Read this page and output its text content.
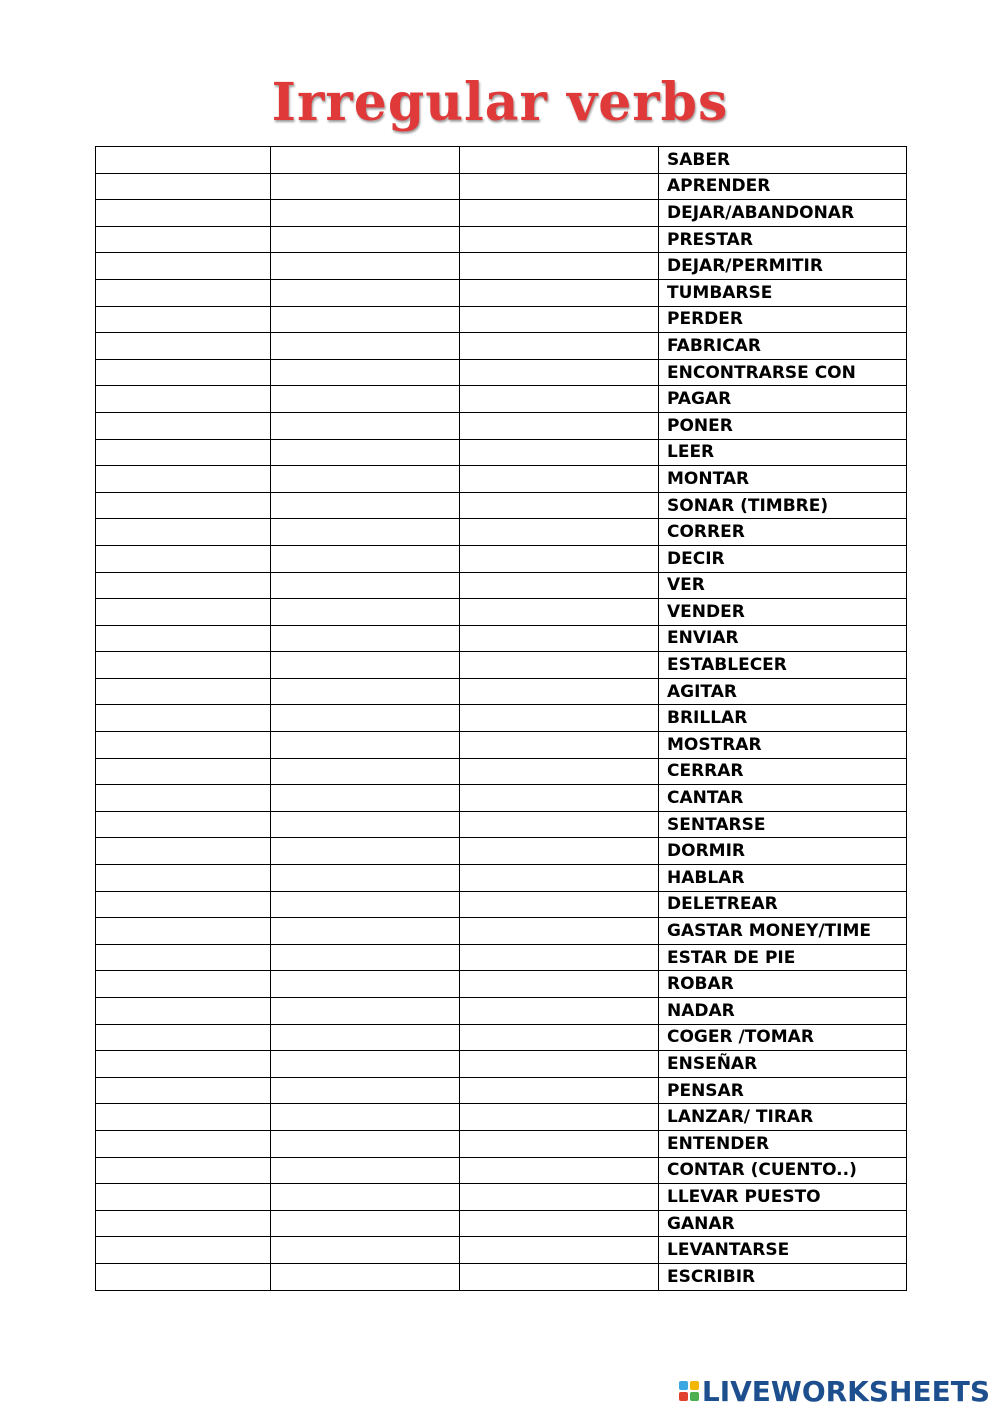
Irregular verbs
			SABER
			APRENDER
			DEJAR/ABANDONAR
			PRESTAR
			DEJAR/PERMITIR
			TUMBARSE
			PERDER
			FABRICAR
			ENCONTRARSE CON
			PAGAR
			PONER
			LEER
			MONTAR
			SONAR (TIMBRE)
			CORRER
			DECIR
			VER
			VENDER
			ENVIAR
			ESTABLECER
			AGITAR
			BRILLAR
			MOSTRAR
			CERRAR
			CANTAR
			SENTARSE
			DORMIR
			HABLAR
			DELETREAR
			GASTAR MONEY/TIME
			ESTAR DE PIE
			ROBAR
			NADAR
			COGER /TOMAR
			ENSEÑAR
			PENSAR
			LANZAR/ TIRAR
			ENTENDER
			CONTAR (CUENTO..)
			LLEVAR PUESTO
			GANAR
			LEVANTARSE
			ESCRIBIR
LIVEWORKSHEETS
